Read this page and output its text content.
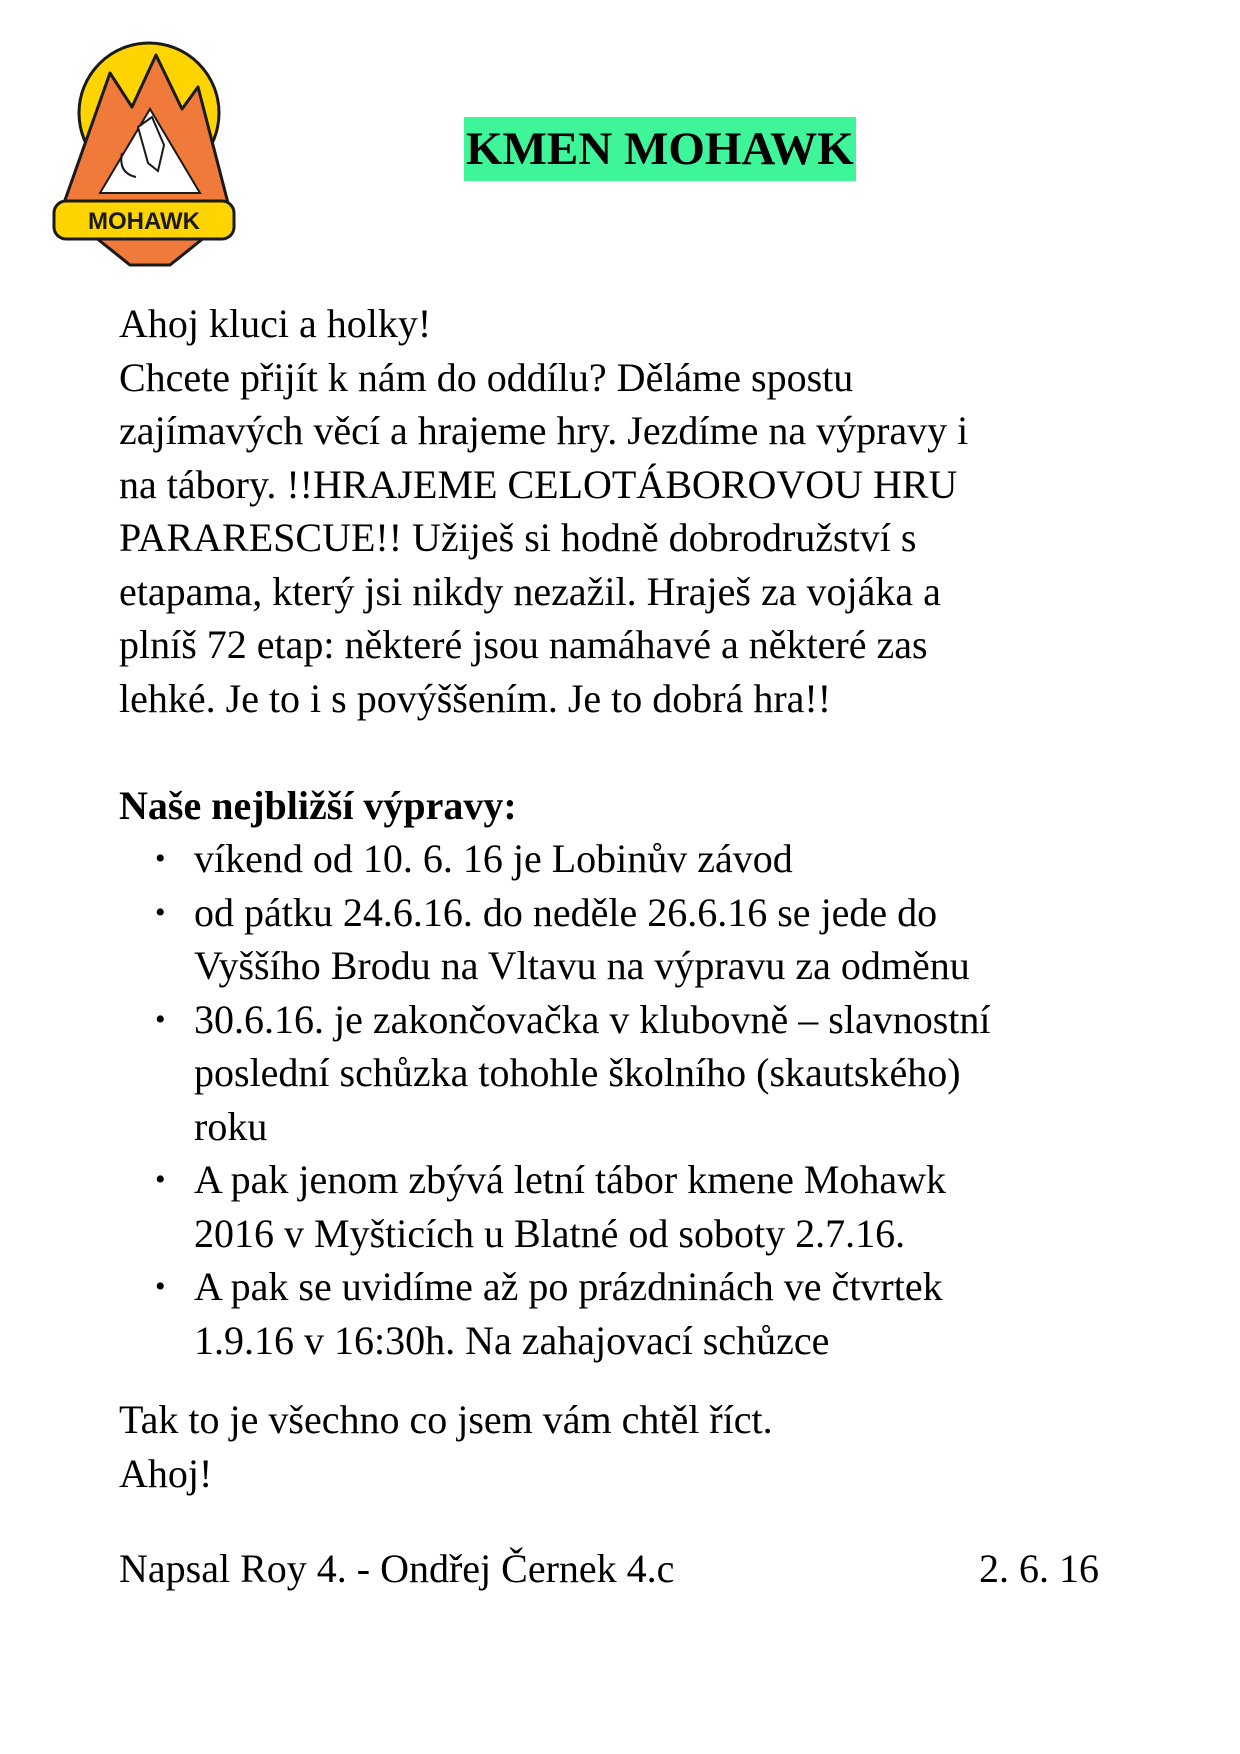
MOHAWK
KMEN MOHAWK

Ahoj kluci a holky!

Chcete přijít k nám do oddílu? Děláme spostu

zajímavých věcí a hrajeme hry. Jezdíme na výpravy i

na tábory. !!HRAJEME CELOTÁBOROVOU HRU

PARARESCUE!! Užiješ si hodně dobrodružství s

etapama, který jsi nikdy nezažil. Hraješ za vojáka a

plníš 72 etap: některé jsou namáhavé a některé zas

lehké. Je to i s povýššením. Je to dobrá hra!!

Naše nejbližší výpravy:

• víkend od 10. 6. 16 je Lobinův závod
• od pátku 24.6.16. do neděle 26.6.16 se jede do
Vyššího Brodu na Vltavu na výpravu za odměnu
• 30.6.16. je zakončovačka v klubovně – slavnostní
poslední schůzka tohohle školního (skautského)
roku
• A pak jenom zbývá letní tábor kmene Mohawk
2016 v Myšticích u Blatné od soboty 2.7.16.
• A pak se uvidíme až po prázdninách ve čtvrtek
1.9.16 v 16:30h. Na zahajovací schůzce

Tak to je všechno co jsem vám chtěl říct.

Ahoj!

Napsal Roy 4. - Ondřej Černek 4.c	2. 6. 16
